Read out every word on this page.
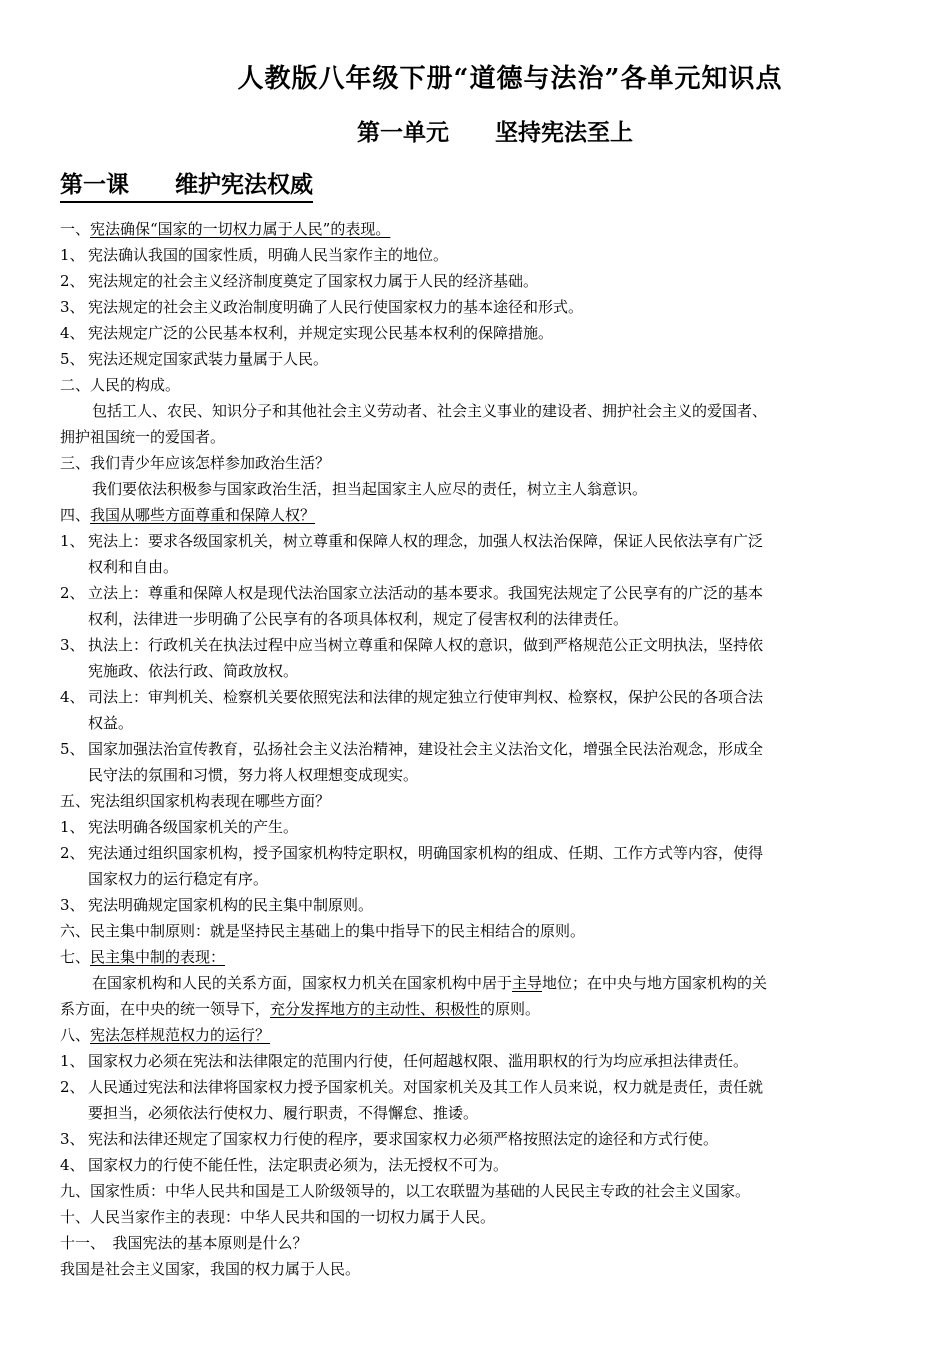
人教版八年级下册“道德与法治”各单元知识点
第一单元　　坚持宪法至上
第一课　　维护宪法权威
一、宪法确保“国家的一切权力属于人民”的表现。
1、 宪法确认我国的国家性质，明确人民当家作主的地位。
2、 宪法规定的社会主义经济制度奠定了国家权力属于人民的经济基础。
3、 宪法规定的社会主义政治制度明确了人民行使国家权力的基本途径和形式。
4、 宪法规定广泛的公民基本权利，并规定实现公民基本权利的保障措施。
5、 宪法还规定国家武装力量属于人民。
二、人民的构成。
包括工人、农民、知识分子和其他社会主义劳动者、社会主义事业的建设者、拥护社会主义的爱国者、
拥护祖国统一的爱国者。
三、我们青少年应该怎样参加政治生活？
我们要依法积极参与国家政治生活，担当起国家主人应尽的责任，树立主人翁意识。
四、我国从哪些方面尊重和保障人权？
1、 宪法上：要求各级国家机关，树立尊重和保障人权的理念，加强人权法治保障，保证人民依法享有广泛
权利和自由。
2、 立法上：尊重和保障人权是现代法治国家立法活动的基本要求。我国宪法规定了公民享有的广泛的基本
权利，法律进一步明确了公民享有的各项具体权利，规定了侵害权利的法律责任。
3、 执法上：行政机关在执法过程中应当树立尊重和保障人权的意识，做到严格规范公正文明执法，坚持依
宪施政、依法行政、简政放权。
4、 司法上：审判机关、检察机关要依照宪法和法律的规定独立行使审判权、检察权，保护公民的各项合法
权益。
5、 国家加强法治宣传教育，弘扬社会主义法治精神，建设社会主义法治文化，增强全民法治观念，形成全
民守法的氛围和习惯，努力将人权理想变成现实。
五、宪法组织国家机构表现在哪些方面？
1、 宪法明确各级国家机关的产生。
2、 宪法通过组织国家机构，授予国家机构特定职权，明确国家机构的组成、任期、工作方式等内容，使得
国家权力的运行稳定有序。
3、 宪法明确规定国家机构的民主集中制原则。
六、民主集中制原则：就是坚持民主基础上的集中指导下的民主相结合的原则。
七、民主集中制的表现：
在国家机构和人民的关系方面，国家权力机关在国家机构中居于主导地位；在中央与地方国家机构的关
系方面，在中央的统一领导下，充分发挥地方的主动性、积极性的原则。
八、宪法怎样规范权力的运行？
1、 国家权力必须在宪法和法律限定的范围内行使，任何超越权限、滥用职权的行为均应承担法律责任。
2、 人民通过宪法和法律将国家权力授予国家机关。对国家机关及其工作人员来说，权力就是责任，责任就
要担当，必须依法行使权力、履行职责，不得懈怠、推诿。
3、 宪法和法律还规定了国家权力行使的程序，要求国家权力必须严格按照法定的途径和方式行使。
4、 国家权力的行使不能任性，法定职责必须为，法无授权不可为。
九、国家性质：中华人民共和国是工人阶级领导的，以工农联盟为基础的人民民主专政的社会主义国家。
十、人民当家作主的表现：中华人民共和国的一切权力属于人民。
十一、　我国宪法的基本原则是什么？
我国是社会主义国家，我国的权力属于人民。
